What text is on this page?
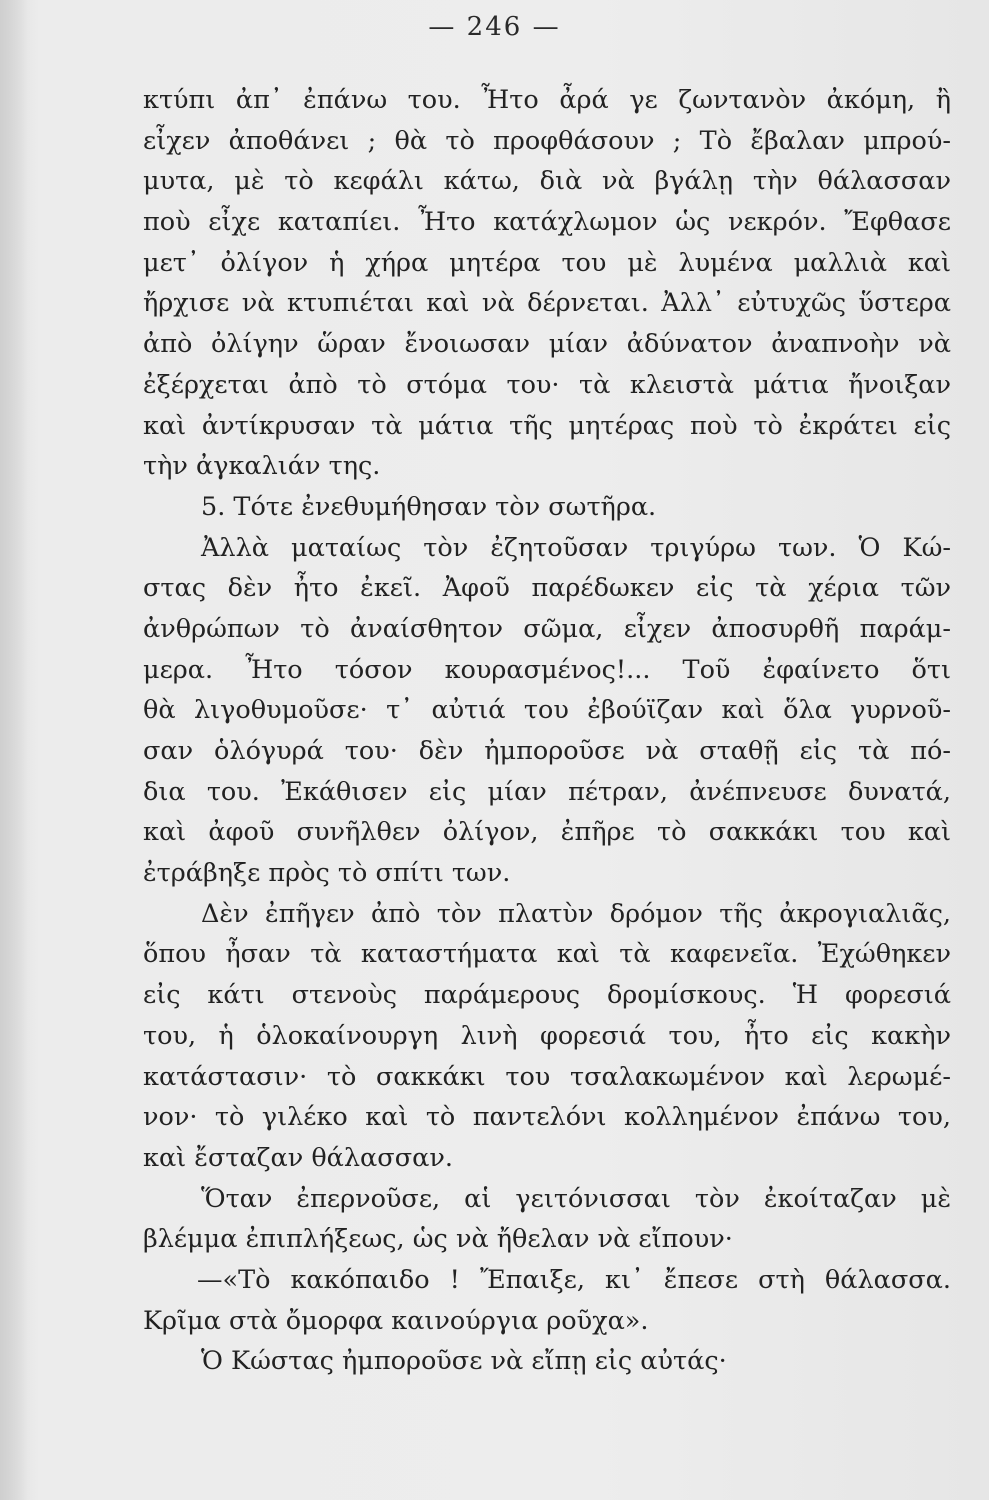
— 246 —
κτύπι ἀπ᾽ ἐπάνω του. Ἦτο ἆρά γε ζωντανὸν ἀκόμη, ἢ
εἶχεν ἀποθάνει ; θὰ τὸ προφθάσουν ; Τὸ ἔβαλαν μπρού-
μυτα, μὲ τὸ κεφάλι κάτω, διὰ νὰ βγάλῃ τὴν θάλασσαν
ποὺ εἶχε καταπίει. Ἦτο κατάχλωμον ὡς νεκρόν. Ἔφθασε
μετ᾽ ὀλίγον ἡ χήρα μητέρα του μὲ λυμένα μαλλιὰ καὶ
ἤρχισε νὰ κτυπιέται καὶ νὰ δέρνεται. Ἀλλ᾽ εὐτυχῶς ὕστερα
ἀπὸ ὀλίγην ὥραν ἔνοιωσαν μίαν ἀδύνατον ἀναπνοὴν νὰ
ἐξέρχεται ἀπὸ τὸ στόμα του· τὰ κλειστὰ μάτια ἤνοιξαν
καὶ ἀντίκρυσαν τὰ μάτια τῆς μητέρας ποὺ τὸ ἐκράτει εἰς
τὴν ἀγκαλιάν της.
5. Τότε ἐνεθυμήθησαν τὸν σωτῆρα.
Ἀλλὰ ματαίως τὸν ἐζητοῦσαν τριγύρω των. Ὁ Κώ-
στας δὲν ἦτο ἐκεῖ. Ἀφοῦ παρέδωκεν εἰς τὰ χέρια τῶν
ἀνθρώπων τὸ ἀναίσθητον σῶμα, εἶχεν ἀποσυρθῆ παράμ-
μερα. Ἦτο τόσον κουρασμένος!... Τοῦ ἐφαίνετο ὅτι
θὰ λιγοθυμοῦσε· τ᾽ αὐτιά του ἐβούϊζαν καὶ ὅλα γυρνοῦ-
σαν ὁλόγυρά του· δὲν ἠμποροῦσε νὰ σταθῇ εἰς τὰ πό-
δια του. Ἐκάθισεν εἰς μίαν πέτραν, ἀνέπνευσε δυνατά,
καὶ ἀφοῦ συνῆλθεν ὀλίγον, ἐπῆρε τὸ σακκάκι του καὶ
ἐτράβηξε πρὸς τὸ σπίτι των.
Δὲν ἐπῆγεν ἀπὸ τὸν πλατὺν δρόμον τῆς ἀκρογιαλιᾶς,
ὅπου ἦσαν τὰ καταστήματα καὶ τὰ καφενεῖα. Ἐχώθηκεν
εἰς κάτι στενοὺς παράμερους δρομίσκους. Ἡ φορεσιά
του, ἡ ὁλοκαίνουργη λινὴ φορεσιά του, ἦτο εἰς κακὴν
κατάστασιν· τὸ σακκάκι του τσαλακωμένον καὶ λερωμέ-
νον· τὸ γιλέκο καὶ τὸ παντελόνι κολλημένον ἐπάνω του,
καὶ ἔσταζαν θάλασσαν.
Ὅταν ἐπερνοῦσε, αἱ γειτόνισσαι τὸν ἐκοίταζαν μὲ
βλέμμα ἐπιπλήξεως, ὡς νὰ ἤθελαν νὰ εἴπουν·
—«Τὸ κακόπαιδο ! Ἔπαιξε, κι᾽ ἔπεσε στὴ θάλασσα.
Κρῖμα στὰ ὄμορφα καινούργια ροῦχα».
Ὁ Κώστας ἠμποροῦσε νὰ εἴπῃ εἰς αὐτάς·
